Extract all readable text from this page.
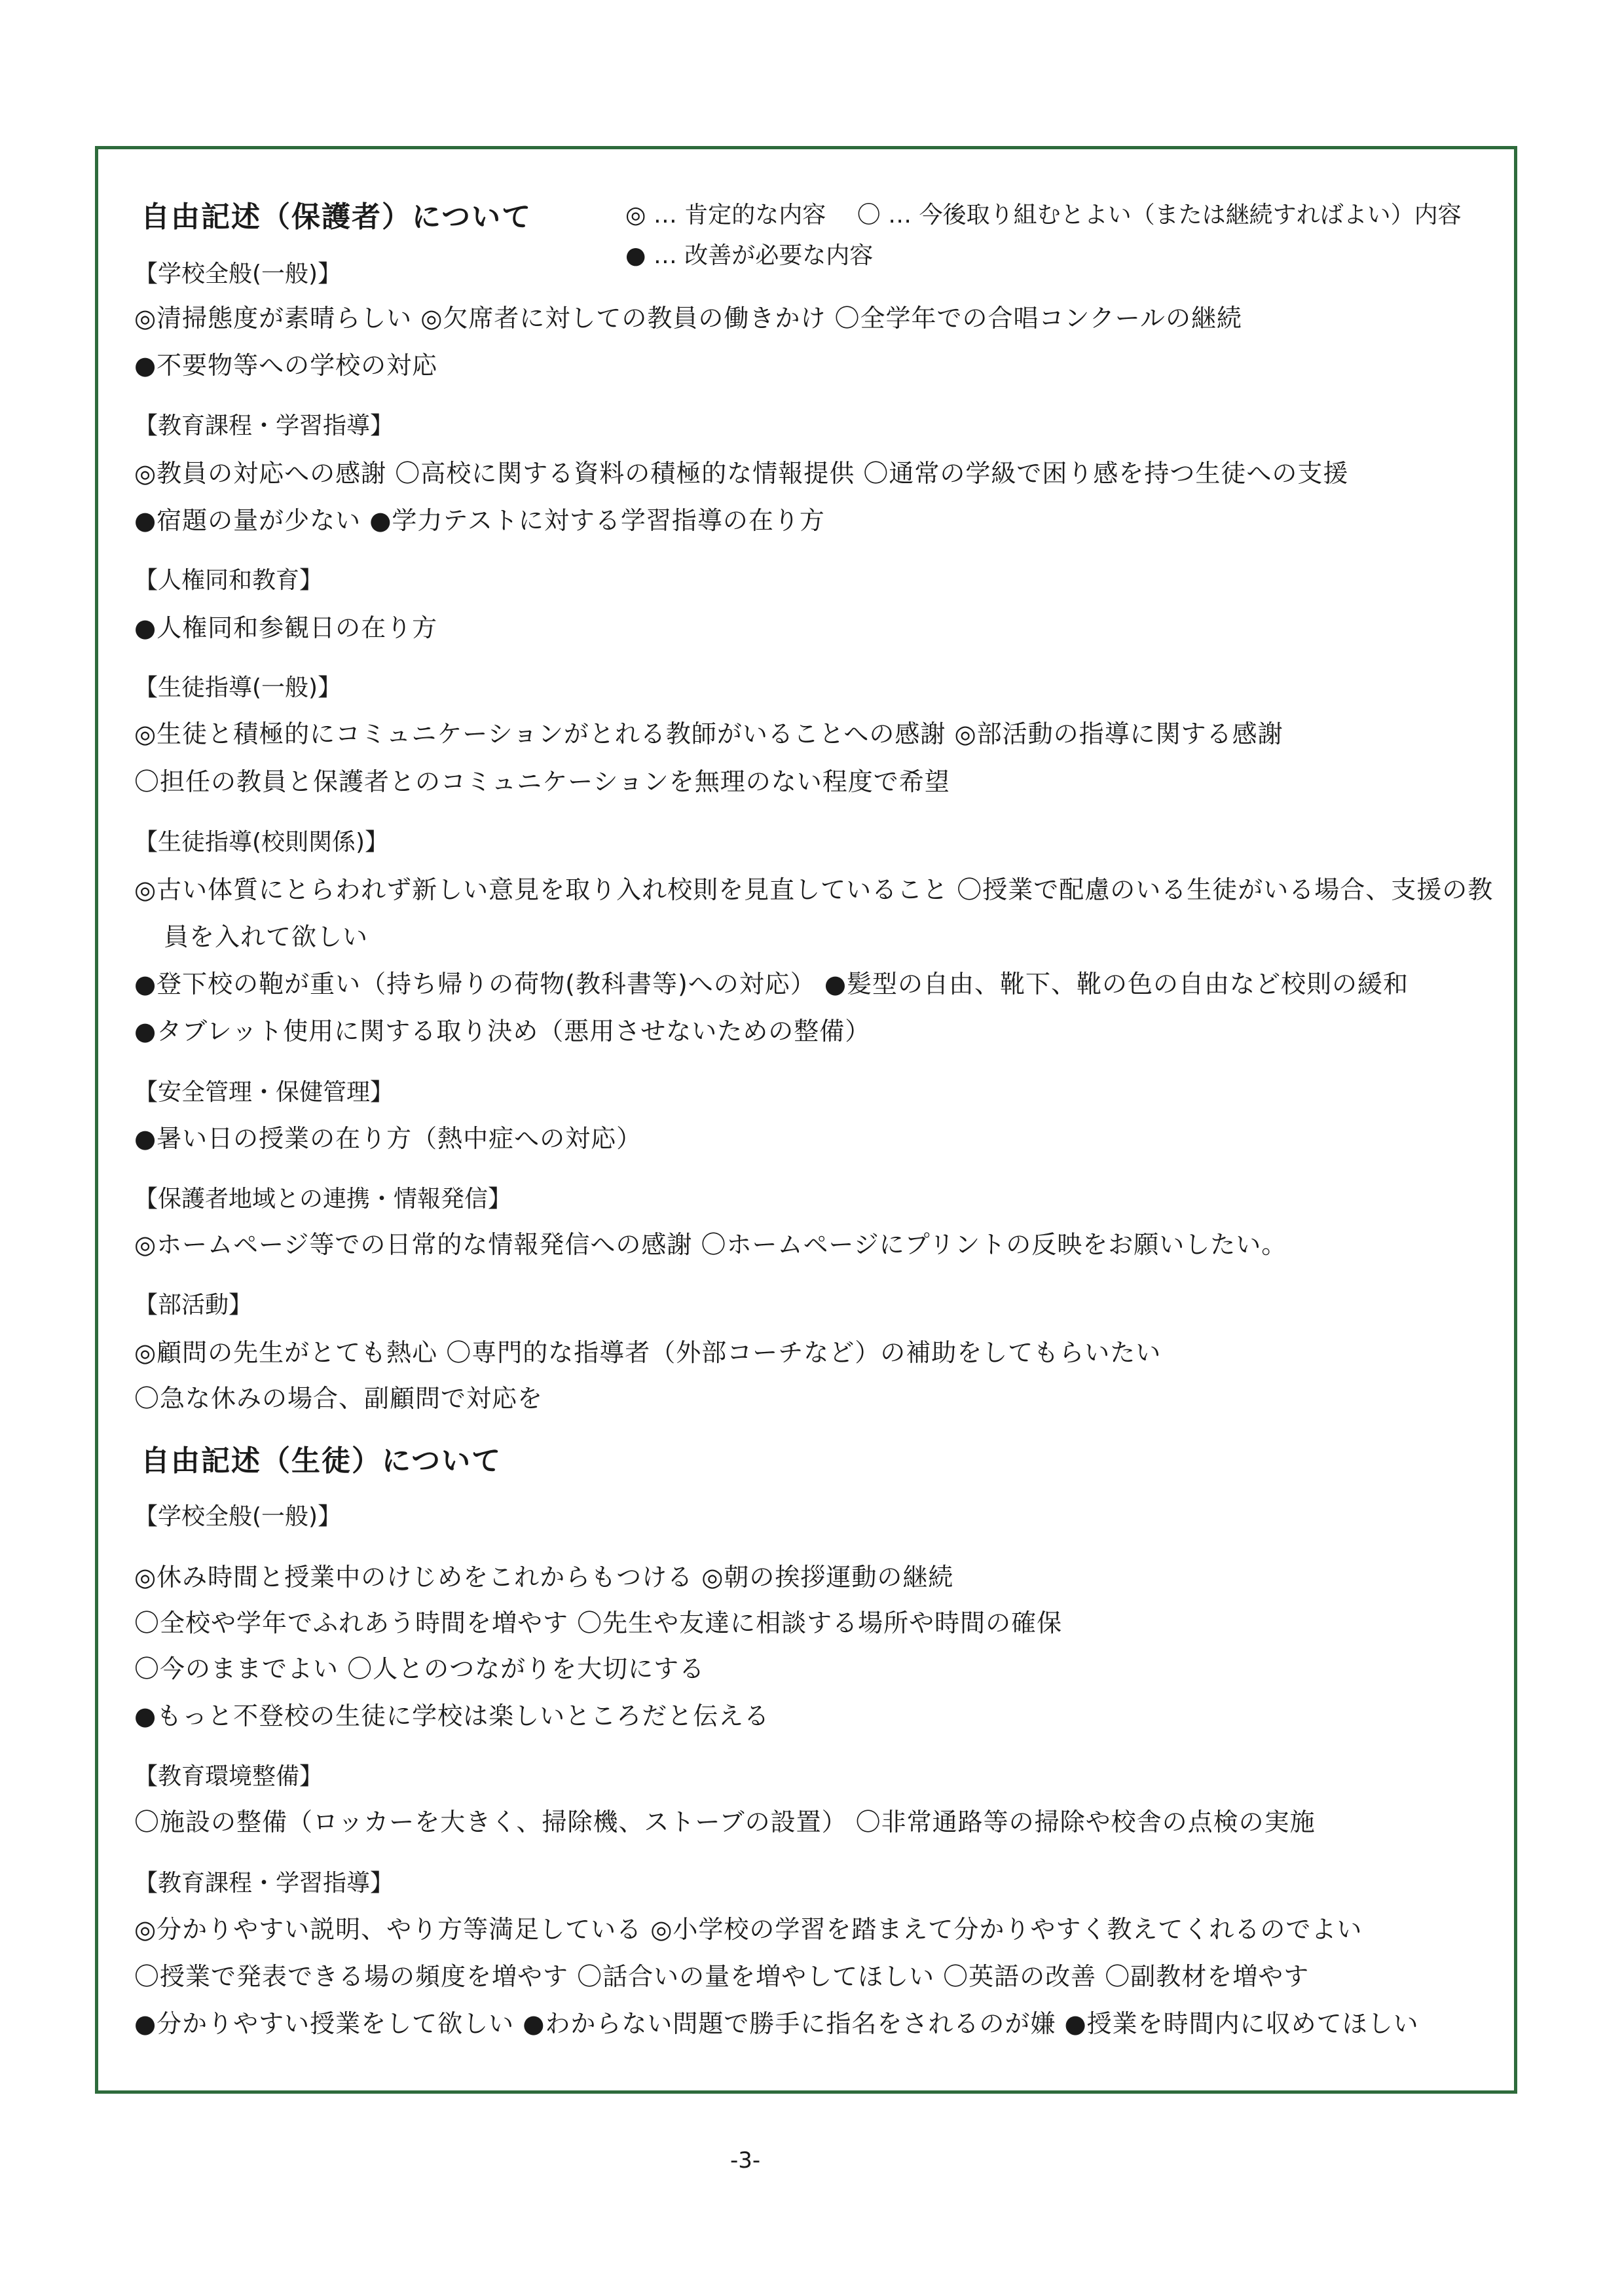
自由記述（保護者）について	◎ … 肯定的な内容　 〇 … 今後取り組むとよい（または継続すればよい）内容
● … 改善が必要な内容
【学校全般(一般)】
◎清掃態度が素晴らしい ◎欠席者に対しての教員の働きかけ 〇全学年での合唱コンクールの継続
●不要物等への学校の対応
【教育課程・学習指導】
◎教員の対応への感謝 〇高校に関する資料の積極的な情報提供 〇通常の学級で困り感を持つ生徒への支援
●宿題の量が少ない ●学力テストに対する学習指導の在り方
【人権同和教育】
●人権同和参観日の在り方
【生徒指導(一般)】
◎生徒と積極的にコミュニケーションがとれる教師がいることへの感謝 ◎部活動の指導に関する感謝
〇担任の教員と保護者とのコミュニケーションを無理のない程度で希望
【生徒指導(校則関係)】
◎古い体質にとらわれず新しい意見を取り入れ校則を見直していること 〇授業で配慮のいる生徒がいる場合、支援の教
員を入れて欲しい
●登下校の鞄が重い（持ち帰りの荷物(教科書等)への対応） ●髪型の自由、靴下、靴の色の自由など校則の緩和
●タブレット使用に関する取り決め（悪用させないための整備）
【安全管理・保健管理】
●暑い日の授業の在り方（熱中症への対応）
【保護者地域との連携・情報発信】
◎ホームページ等での日常的な情報発信への感謝 〇ホームページにプリントの反映をお願いしたい。
【部活動】
◎顧問の先生がとても熱心 〇専門的な指導者（外部コーチなど）の補助をしてもらいたい
〇急な休みの場合、副顧問で対応を
自由記述（生徒）について
【学校全般(一般)】
◎休み時間と授業中のけじめをこれからもつける ◎朝の挨拶運動の継続
〇全校や学年でふれあう時間を増やす 〇先生や友達に相談する場所や時間の確保
〇今のままでよい 〇人とのつながりを大切にする
●もっと不登校の生徒に学校は楽しいところだと伝える
【教育環境整備】
〇施設の整備（ロッカーを大きく、掃除機、ストーブの設置） 〇非常通路等の掃除や校舎の点検の実施
【教育課程・学習指導】
◎分かりやすい説明、やり方等満足している ◎小学校の学習を踏まえて分かりやすく教えてくれるのでよい
〇授業で発表できる場の頻度を増やす 〇話合いの量を増やしてほしい 〇英語の改善 〇副教材を増やす
●分かりやすい授業をして欲しい ●わからない問題で勝手に指名をされるのが嫌 ●授業を時間内に収めてほしい
-3-
